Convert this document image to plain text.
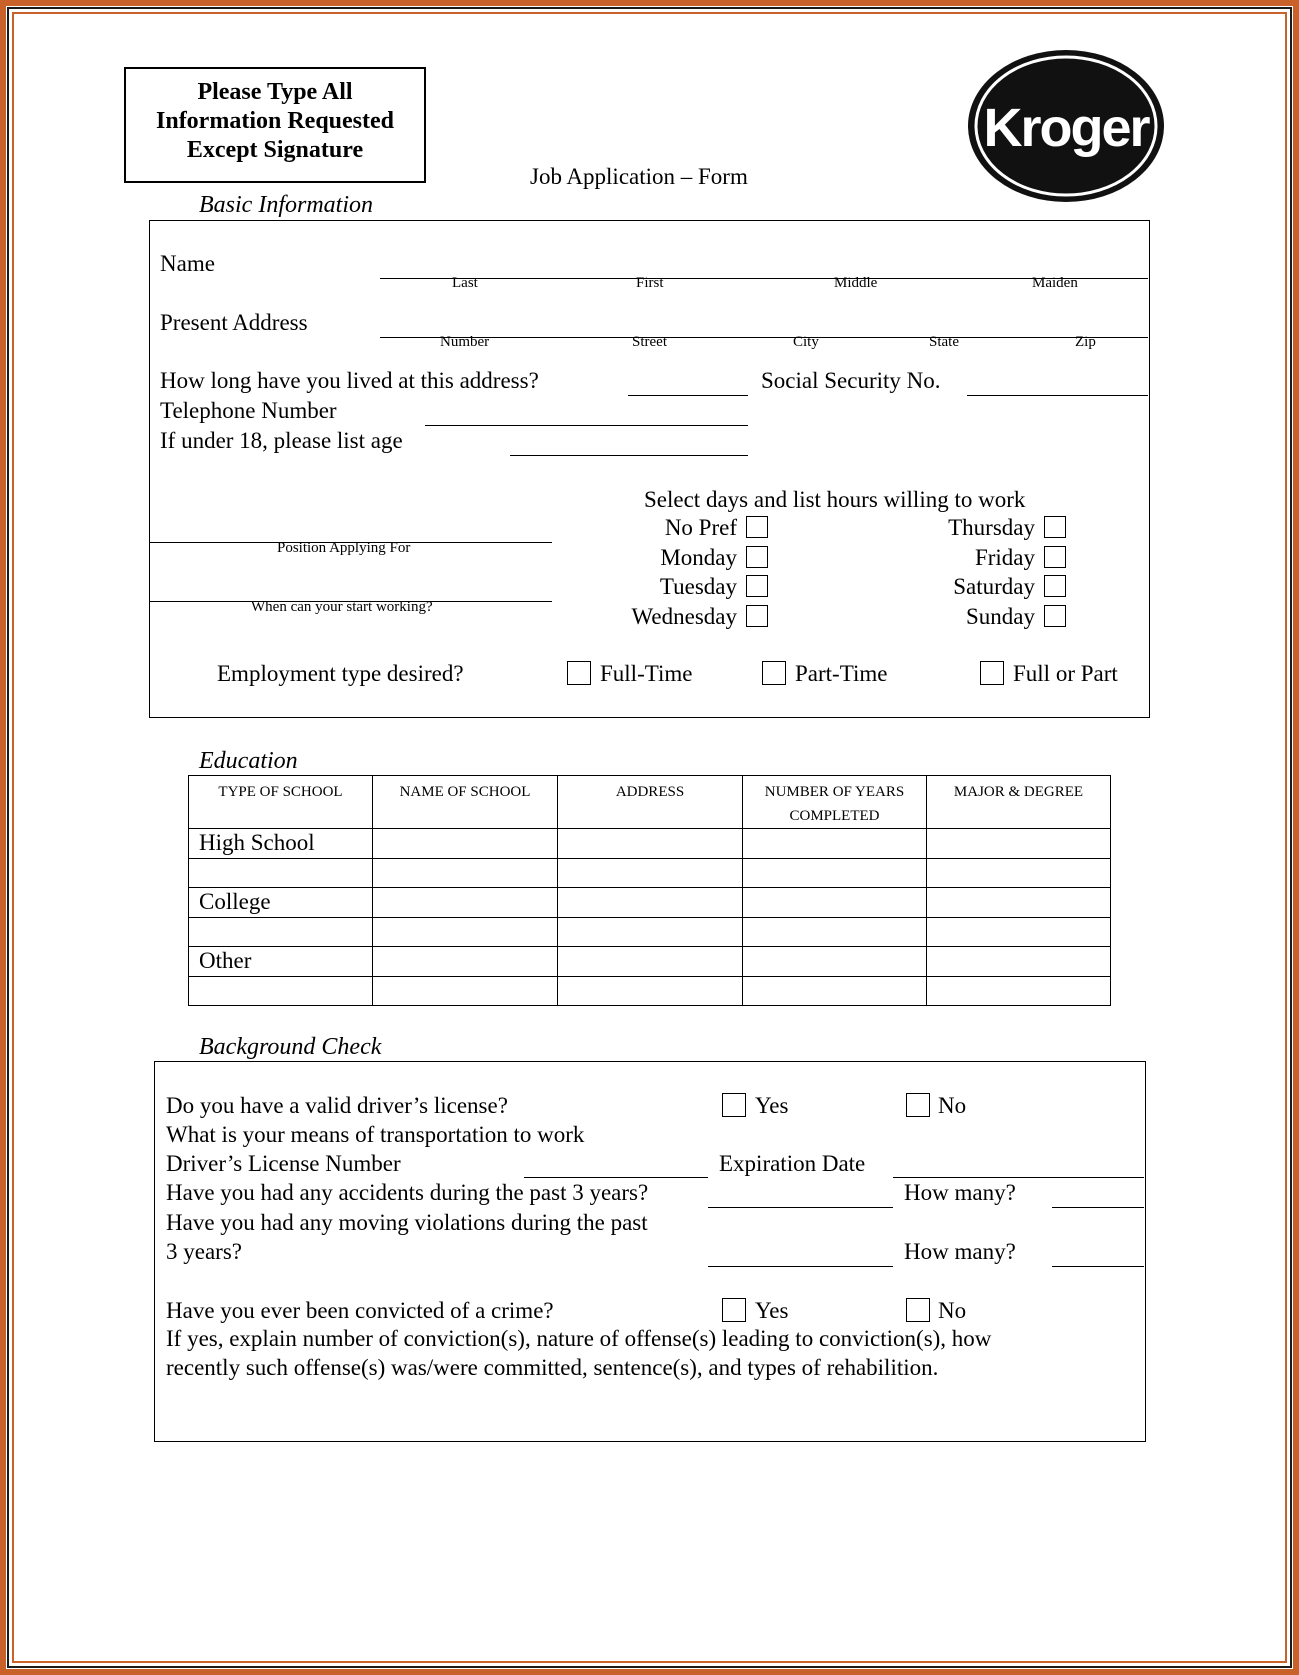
Please Type All
Information Requested
Except Signature
Job Application – Form
Kroger
Basic Information
Name
Last	First	Middle	Maiden
Present Address
Number	Street	City	State	Zip
How long have you lived at this address?	Social Security No.
Telephone Number
If under 18, please list age
Position Applying For
When can your start working?
Select days and list hours willing to work
No Pref
Monday
Tuesday
Wednesday
Thursday
Friday
Saturday
Sunday
Employment type desired?	Full-Time	Part-Time	Full or Part
Education
TYPE OF SCHOOL	NAME OF SCHOOL	ADDRESS	NUMBER OF YEARS COMPLETED	MAJOR & DEGREE
High School				

College				

Other				

Background Check
Do you have a valid driver’s license?	Yes	No
What is your means of transportation to work
Driver’s License Number	Expiration Date
Have you had any accidents during the past 3 years?	How many?
Have you had any moving violations during the past
3 years?	How many?
Have you ever been convicted of a crime?	Yes	No
If yes, explain number of conviction(s), nature of offense(s) leading to conviction(s), how
recently such offense(s) was/were committed, sentence(s), and types of rehabilition.
